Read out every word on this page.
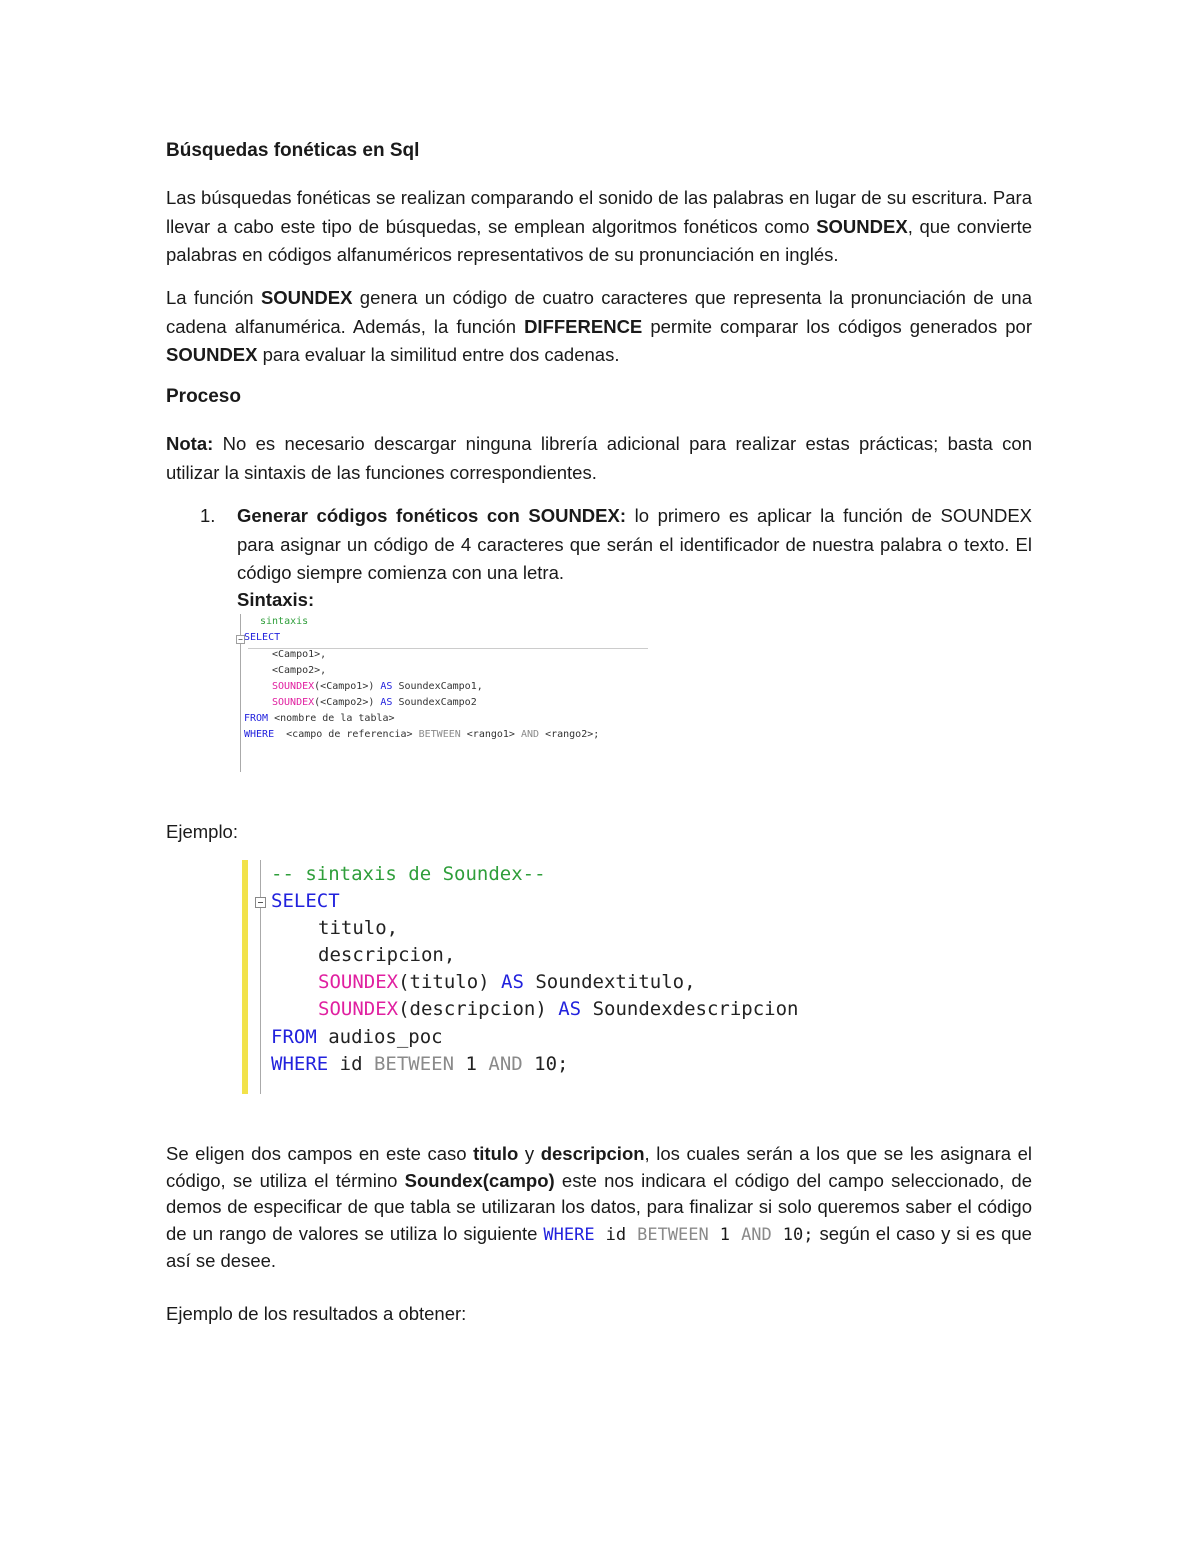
Búsquedas fonéticas en Sql

Las búsquedas fonéticas se realizan comparando el sonido de las palabras en lugar de su escritura. Para llevar a cabo este tipo de búsquedas, se emplean algoritmos fonéticos como SOUNDEX, que convierte palabras en códigos alfanuméricos representativos de su pronunciación en inglés.

La función SOUNDEX genera un código de cuatro caracteres que representa la pronunciación de una cadena alfanumérica. Además, la función DIFFERENCE permite comparar los códigos generados por SOUNDEX para evaluar la similitud entre dos cadenas.

Proceso

Nota: No es necesario descargar ninguna librería adicional para realizar estas prácticas; basta con utilizar la sintaxis de las funciones correspondientes.

1. Generar códigos fonéticos con SOUNDEX: lo primero es aplicar la función de SOUNDEX para asignar un código de 4 caracteres que serán el identificador de nuestra palabra o texto. El código siempre comienza con una letra.

Sintaxis:
sintaxis
SELECT
<Campo1>,
<Campo2>,
SOUNDEX(<Campo1>) AS SoundexCampo1,
SOUNDEX(<Campo2>) AS SoundexCampo2
FROM <nombre de la tabla>
WHERE  <campo de referencia> BETWEEN <rango1> AND <rango2>;
Ejemplo:
-- sintaxis de Soundex--
SELECT
titulo,
descripcion,
SOUNDEX(titulo) AS Soundextitulo,
SOUNDEX(descripcion) AS Soundexdescripcion
FROM audios_poc
WHERE id BETWEEN 1 AND 10;

Se eligen dos campos en este caso titulo y descripcion, los cuales serán a los que se les asignara el código, se utiliza el término Soundex(campo) este nos indicara el código del campo seleccionado, de demos de especificar de que tabla se utilizaran los datos, para finalizar si solo queremos saber el código de un rango de valores se utiliza lo siguiente WHERE id BETWEEN 1 AND 10; según el caso y si es que así se desee.

Ejemplo de los resultados a obtener:
